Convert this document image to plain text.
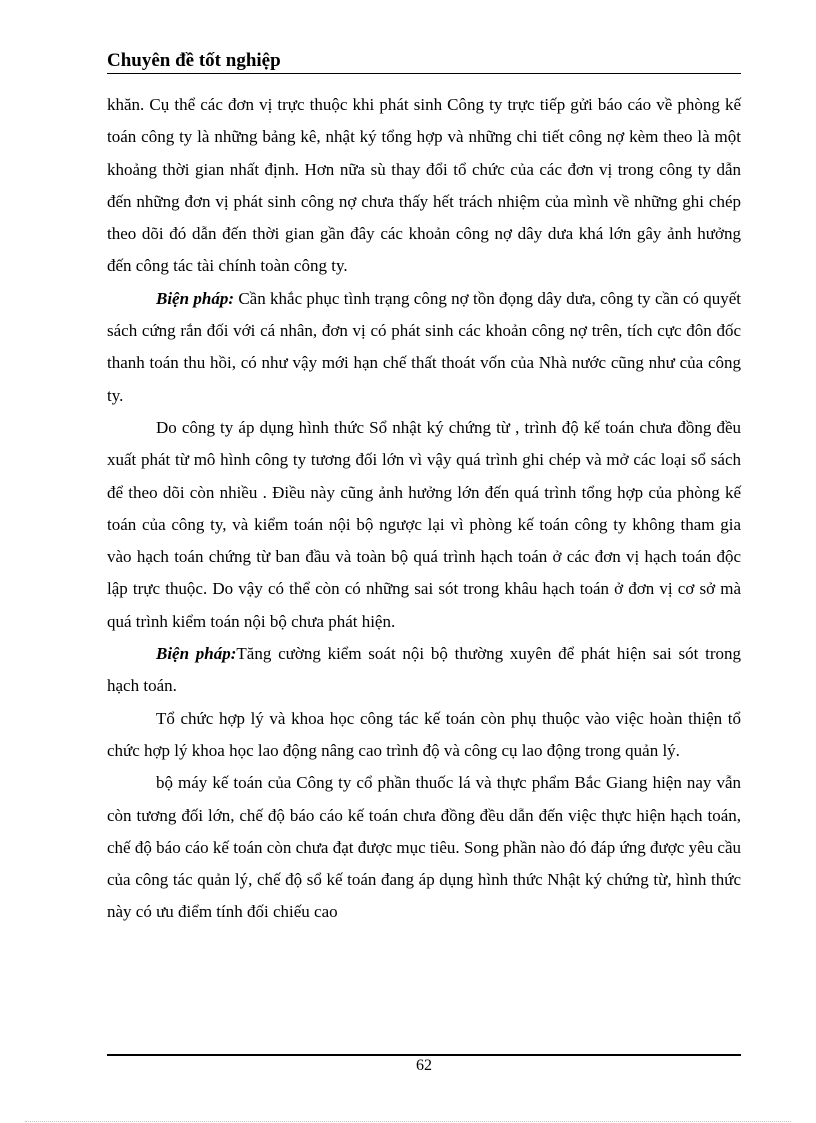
Chuyên đề tốt nghiệp

khăn. Cụ thể các đơn vị trực thuộc khi phát sinh Công ty trực tiếp gửi báo cáo về phòng kế toán công ty là những bảng kê, nhật ký tổng hợp và những chi tiết công nợ kèm theo là một khoảng thời gian nhất định. Hơn nữa sù thay đổi tổ chức của các đơn vị trong công ty dẫn đến những đơn vị phát sinh công nợ chưa thấy hết trách nhiệm của mình về những ghi chép theo dõi đó dẫn đến thời gian gần đây các khoản công nợ dây dưa khá lớn gây ảnh hưởng đến công tác tài chính toàn công ty.

Biện pháp: Cần khắc phục tình trạng công nợ tồn đọng dây dưa, công ty cần có quyết sách cứng rắn đối với cá nhân, đơn vị có phát sinh các khoản công nợ trên, tích cực đôn đốc thanh toán thu hồi, có như vậy mới hạn chế thất thoát vốn của Nhà nước cũng như của công ty.

Do công ty áp dụng hình thức Sổ nhật ký chứng từ , trình độ kế toán chưa đồng đều xuất phát từ mô hình công ty tương đối lớn vì vậy quá trình ghi chép và mở các loại sổ sách để theo dõi còn nhiều . Điều này cũng ảnh hưởng lớn đến quá trình tổng hợp của phòng kế toán của công ty, và kiểm toán nội bộ ngược lại vì phòng kế toán công ty không tham gia vào hạch toán chứng từ ban đầu và toàn bộ quá trình hạch toán ở các đơn vị hạch toán độc lập trực thuộc. Do vậy có thể còn có những sai sót trong khâu hạch toán ở đơn vị cơ sở mà quá trình kiểm toán nội bộ chưa phát hiện.

Biện pháp:Tăng cường kiểm soát nội bộ thường xuyên để phát hiện sai sót trong hạch toán.

Tổ chức hợp lý và khoa học công tác kế toán còn phụ thuộc vào việc hoàn thiện tổ chức hợp lý khoa học lao động nâng cao trình độ và công cụ lao động trong quản lý.

bộ máy kế toán của Công ty cổ phần thuốc lá và thực phẩm Bắc Giang hiện nay vẫn còn tương đối lớn, chế độ báo cáo kế toán chưa đồng đều dẫn đến việc thực hiện hạch toán, chế độ báo cáo kế toán còn chưa đạt được mục tiêu. Song phần nào đó đáp ứng được yêu cầu của công tác quản lý, chế độ sổ kế toán đang áp dụng hình thức Nhật ký chứng từ, hình thức này có ưu điểm tính đối chiếu cao

62
